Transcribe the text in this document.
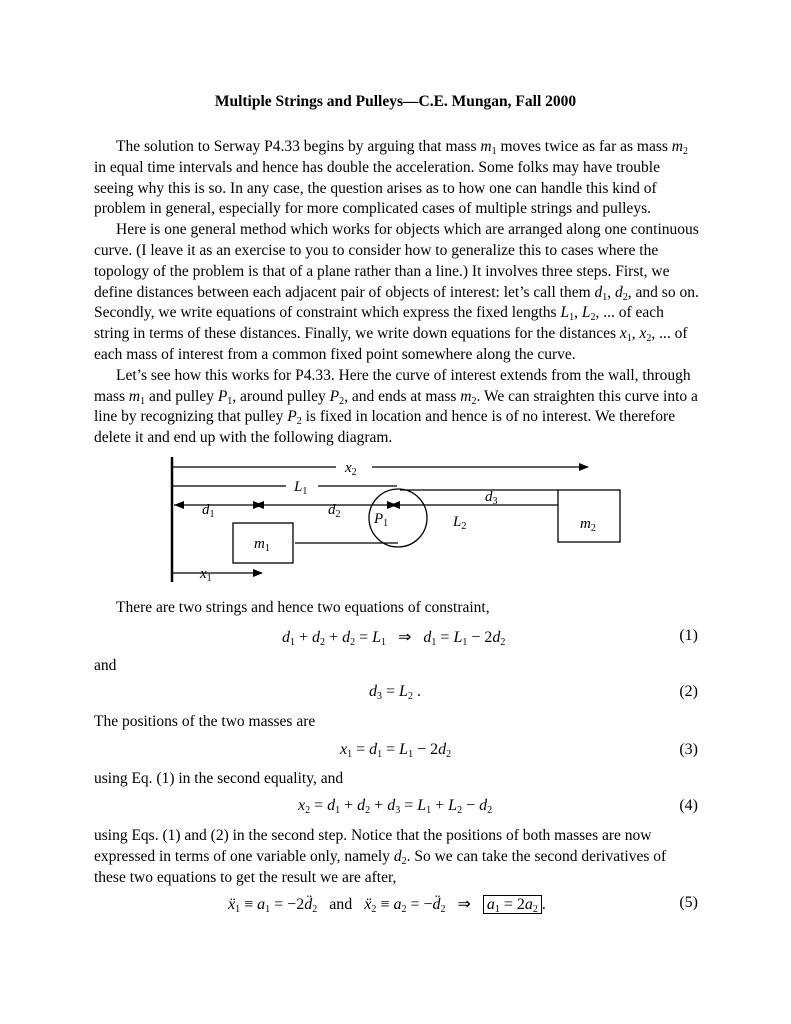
Multiple Strings and Pulleys—C.E. Mungan, Fall 2000

The solution to Serway P4.33 begins by arguing that mass $m_1$ moves twice as far as mass $m_2$ in equal time intervals and hence has double the acceleration. Some folks may have trouble seeing why this is so. In any case, the question arises as to how one can handle this kind of problem in general, especially for more complicated cases of multiple strings and pulleys.

Here is one general method which works for objects which are arranged along one continuous curve. (I leave it as an exercise to you to consider how to generalize this to cases where the topology of the problem is that of a plane rather than a line.) It involves three steps. First, we define distances between each adjacent pair of objects of interest: let’s call them $d_1$, $d_2$, and so on. Secondly, we write equations of constraint which express the fixed lengths $L_1$, $L_2$, ... of each string in terms of these distances. Finally, we write down equations for the distances $x_1$, $x_2$, ... of each mass of interest from a common fixed point somewhere along the curve.

Let’s see how this works for P4.33. Here the curve of interest extends from the wall, through mass $m_1$ and pulley $P_1$, around pulley $P_2$, and ends at mass $m_2$. We can straighten this curve into a line by recognizing that pulley $P_2$ is fixed in location and hence is of no interest. We therefore delete it and end up with the following diagram.

$x_2$
$L_1$
$d_1$	$d_2$
$d_3$
$P_1$	$L_2$
$m_1$
$m_2$
$x_1$
There are two strings and hence two equations of constraint,
$d_1 + d_2 + d_2 = L_1$   ⇒   $d_1 = L_1 - 2d_2$	(1)
and
$d_3 = L_2$ .	(2)
The positions of the two masses are
$x_1 = d_1 = L_1 - 2d_2$	(3)
using Eq. (1) in the second equality, and
$x_2 = d_1 + d_2 + d_3 = L_1 + L_2 - d_2$	(4)

using Eqs. (1) and (2) in the second step. Notice that the positions of both masses are now expressed in terms of one variable only, namely $d_2$. So we can take the second derivatives of these two equations to get the result we are after,

$ẍ_1 \equiv a_1$ = $-2d̈_2$ and $ẍ_2 \equiv a_2$ = $-d̈_2$   ⇒   $a_1 = 2a_2$ .	(5)
